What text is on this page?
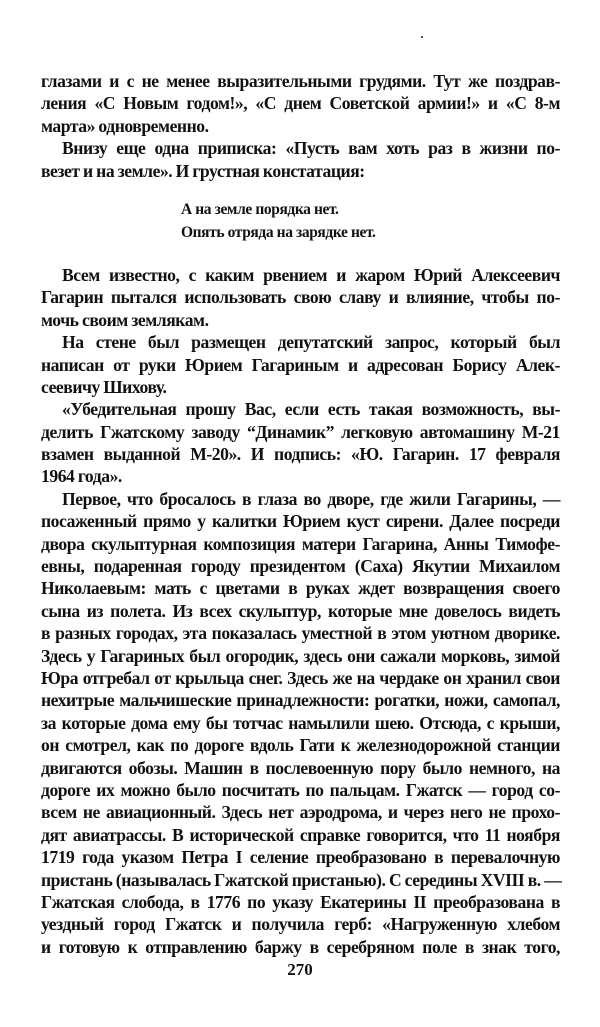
глазами и с не менее выразительными грудями. Тут же поздрав-
ления «С Новым годом!», «С днем Советской армии!» и «С 8-м
марта» одновременно.

Внизу еще одна приписка: «Пусть вам хоть раз в жизни по-
везет и на земле». И грустная констатация:

А на земле порядка нет.
Опять отряда на зарядке нет.

Всем известно, с каким рвением и жаром Юрий Алексеевич
Гагарин пытался использовать свою славу и влияние, чтобы по-
мочь своим землякам.

На стене был размещен депутатский запрос, который был
написан от руки Юрием Гагариным и адресован Борису Алек-
сеевичу Шихову.

«Убедительная прошу Вас, если есть такая возможность, вы-
делить Гжатскому заводу “Динамик” легковую автомашину М-21
взамен выданной М-20». И подпись: «Ю. Гагарин. 17 февраля
1964 года».

Первое, что бросалось в глаза во дворе, где жили Гагарины, —
посаженный прямо у калитки Юрием куст сирени. Далее посреди
двора скульптурная композиция матери Гагарина, Анны Тимофе-
евны, подаренная городу президентом (Саха) Якутии Михаилом
Николаевым: мать с цветами в руках ждет возвращения своего
сына из полета. Из всех скульптур, которые мне довелось видеть
в разных городах, эта показалась уместной в этом уютном дворике.
Здесь у Гагариных был огородик, здесь они сажали морковь, зимой
Юра отгребал от крыльца снег. Здесь же на чердаке он хранил свои
нехитрые мальчишеские принадлежности: рогатки, ножи, самопал,
за которые дома ему бы тотчас намылили шею. Отсюда, с крыши,
он смотрел, как по дороге вдоль Гати к железнодорожной станции
двигаются обозы. Машин в послевоенную пору было немного, на
дороге их можно было посчитать по пальцам. Гжатск — город со-
всем не авиационный. Здесь нет аэродрома, и через него не прохо-
дят авиатрассы. В исторической справке говорится, что 11 ноября
1719 года указом Петра I селение преобразовано в перевалочную
пристань (называлась Гжатской пристанью). С середины XVIII в. —
Гжатская слобода, в 1776 по указу Екатерины II преобразована в
уездный город Гжатск и получила герб: «Нагруженную хлебом
и готовую к отправлению баржу в серебряном поле в знак того,

270
